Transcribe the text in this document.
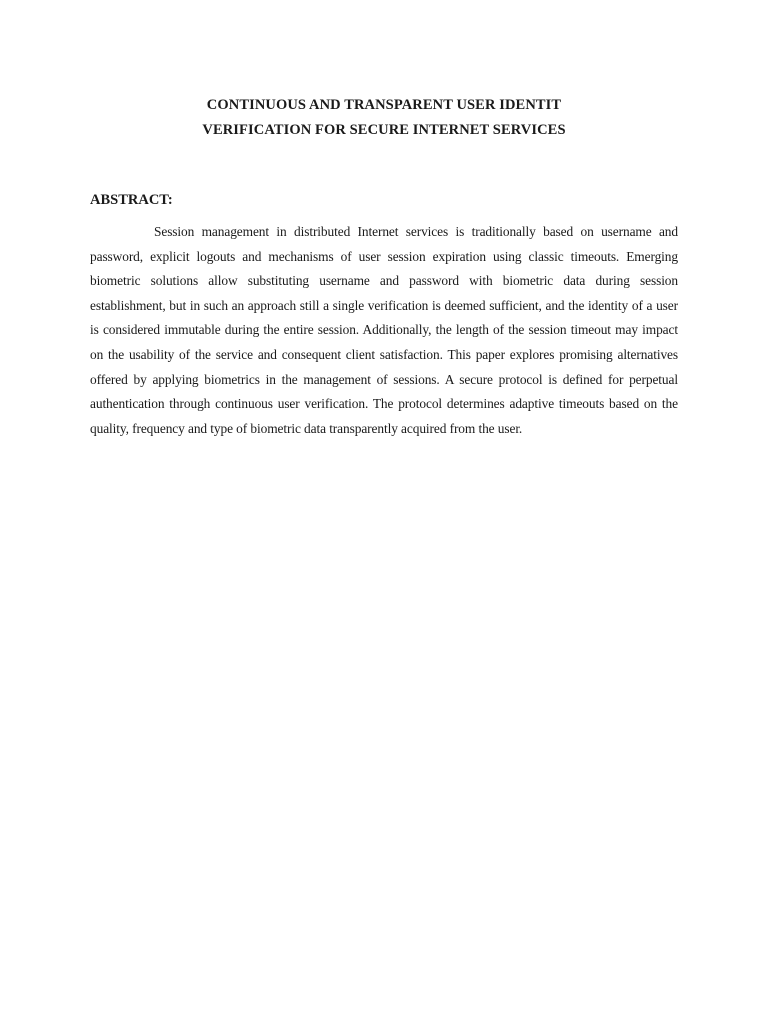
CONTINUOUS AND TRANSPARENT USER IDENTIT
VERIFICATION FOR SECURE INTERNET SERVICES
ABSTRACT:

Session management in distributed Internet services is traditionally based on username and password, explicit logouts and mechanisms of user session expiration using classic timeouts. Emerging biometric solutions allow substituting username and password with biometric data during session establishment, but in such an approach still a single verification is deemed sufficient, and the identity of a user is considered immutable during the entire session. Additionally, the length of the session timeout may impact on the usability of the service and consequent client satisfaction. This paper explores promising alternatives offered by applying biometrics in the management of sessions. A secure protocol is defined for perpetual authentication through continuous user verification. The protocol determines adaptive timeouts based on the quality, frequency and type of biometric data transparently acquired from the user.
